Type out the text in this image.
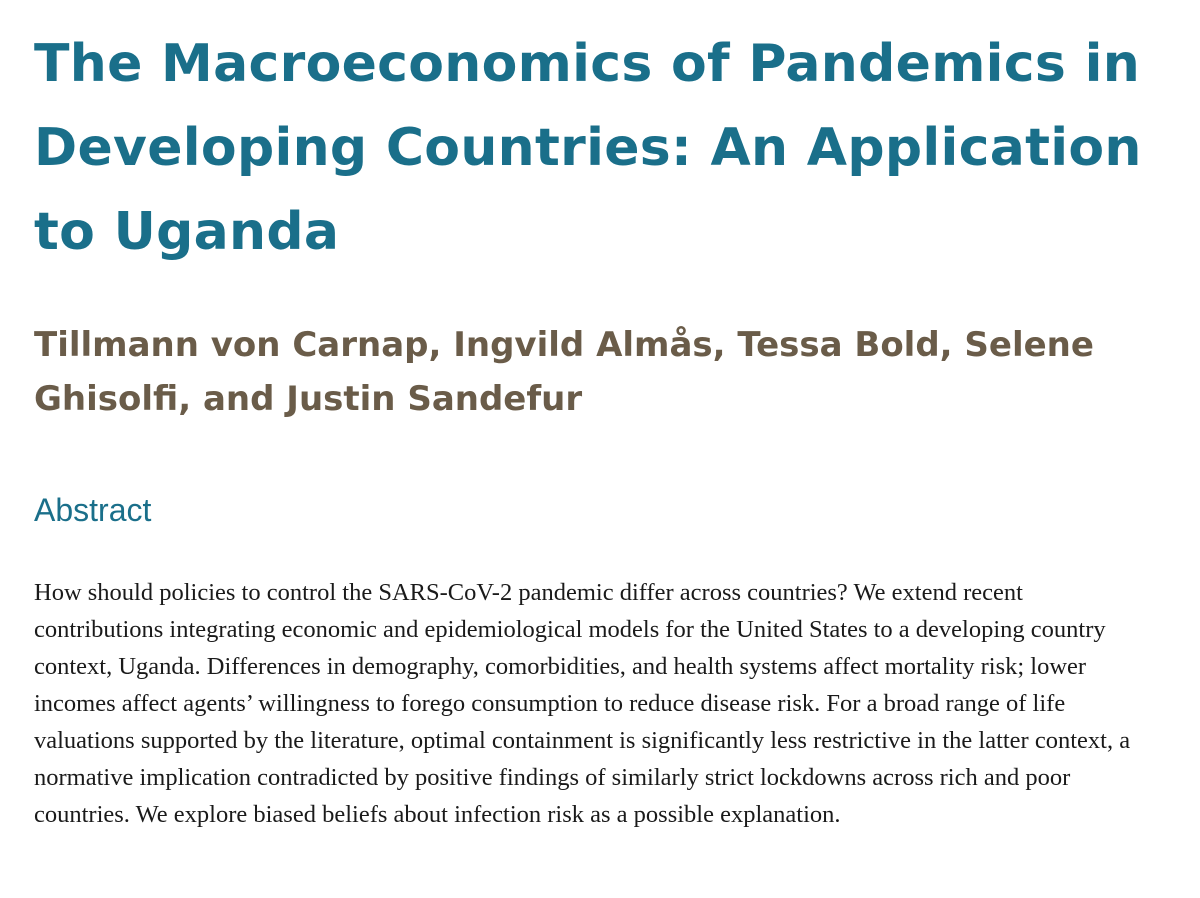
The Macroeconomics of Pandemics in Developing Countries: An Application to Uganda
Tillmann von Carnap, Ingvild Almås, Tessa Bold, Selene Ghisolfi, and Justin Sandefur
Abstract

How should policies to control the SARS-CoV-2 pandemic differ across countries? We extend recent contributions integrating economic and epidemiological models for the United States to a developing country context, Uganda. Differences in demography, comorbidities, and health systems affect mortality risk; lower incomes affect agents’ willingness to forego consumption to reduce disease risk. For a broad range of life valuations supported by the literature, optimal containment is significantly less restrictive in the latter context, a normative implication contradicted by positive findings of similarly strict lockdowns across rich and poor countries. We explore biased beliefs about infection risk as a possible explanation.
